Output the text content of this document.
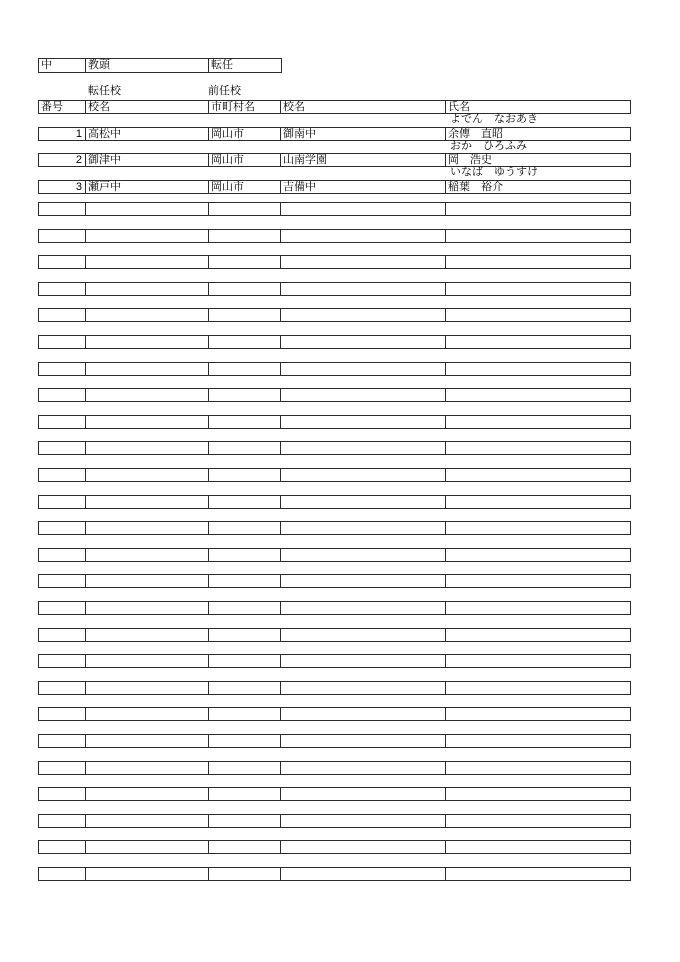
中	教頭	転任
転任校	前任校
番号	校名	市町村名	校名	氏名
よでん　なおあき
1 高松中	岡山市	御南中	余傳　直昭
おか　ひろふみ
2 御津中	岡山市	山南学園	岡　浩史
いなば　ゆうすけ
3 瀬戸中	岡山市	吉備中	稲葉　裕介
